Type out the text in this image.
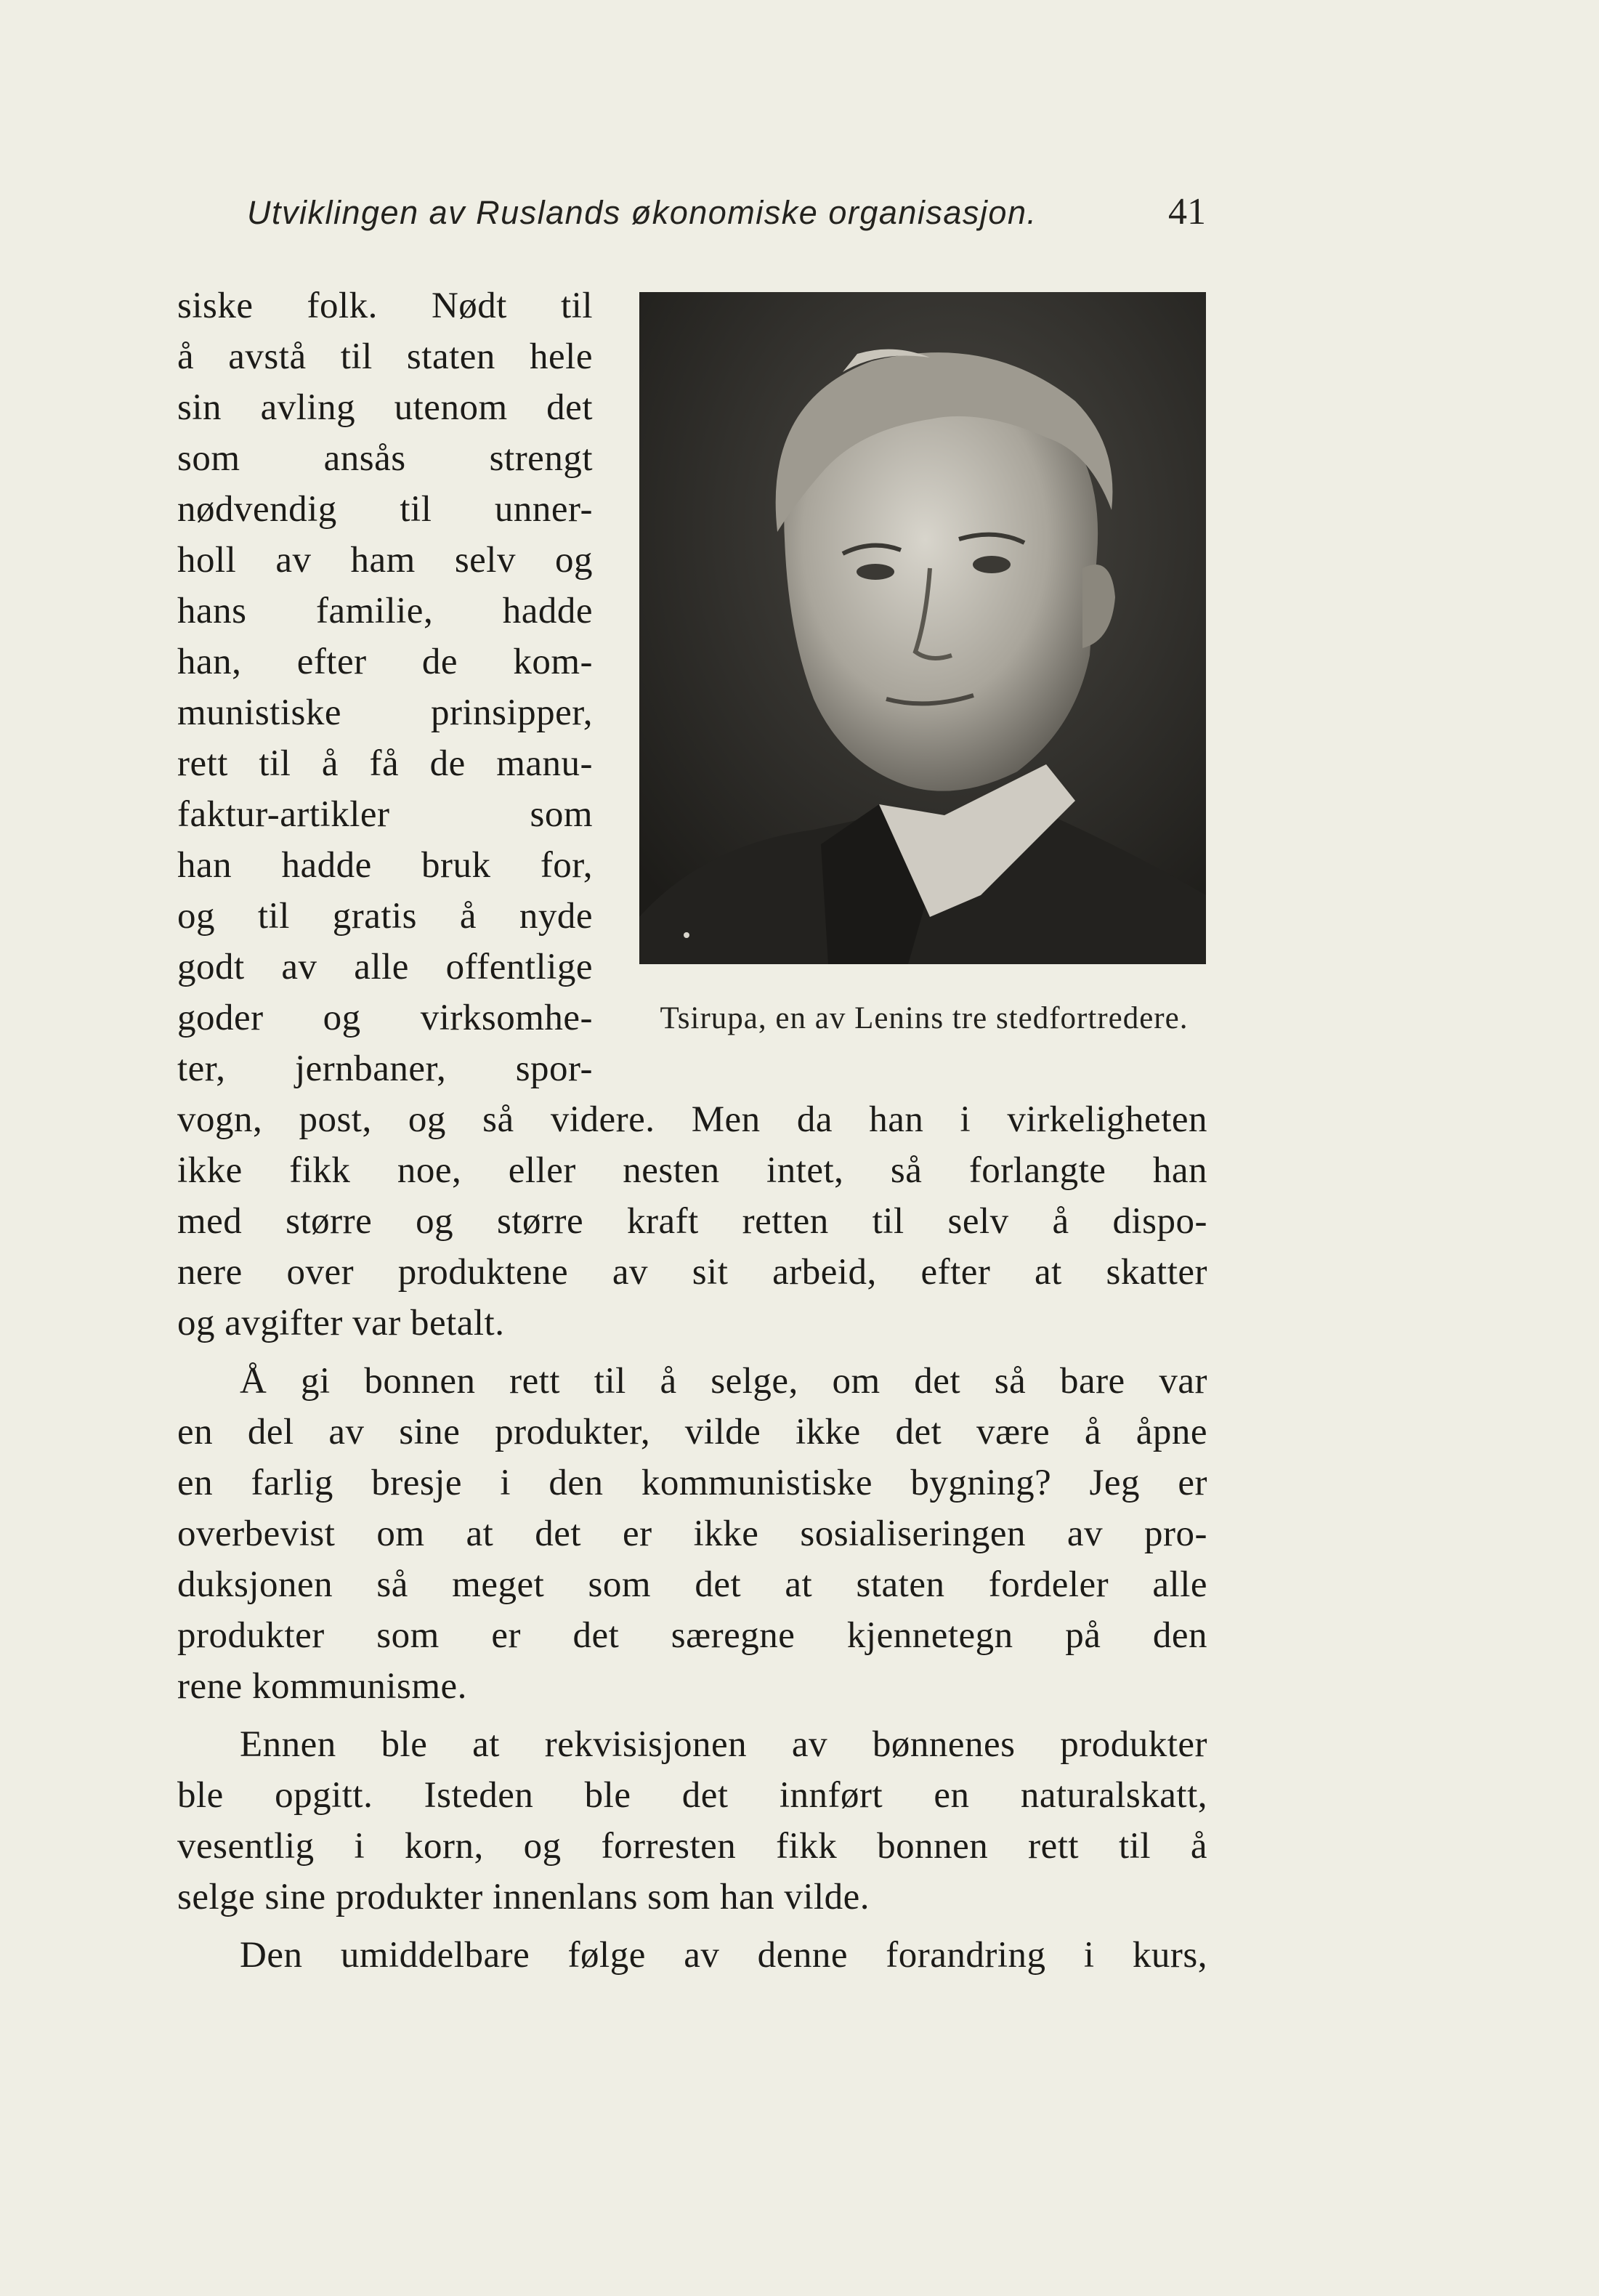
Utviklingen av Ruslands økonomiske organisasjon.	41
Tsirupa, en av Lenins tre stedfortredere.
siske folk. Nødt til
å avstå til staten hele
sin avling utenom det
som ansås strengt
nødvendig til unner-
holl av ham selv og
hans familie, hadde
han, efter de kom-
munistiske prinsipper,
rett til å få de manu-
faktur-artikler som
han hadde bruk for,
og til gratis å nyde
godt av alle offentlige
goder og virksomhe-
ter, jernbaner, spor-
vogn, post, og så videre. Men da han i virkeligheten
ikke fikk noe, eller nesten intet, så forlangte han
med større og større kraft retten til selv å dispo-
nere over produktene av sit arbeid, efter at skatter
og avgifter var betalt.
Å gi bonnen rett til å selge, om det så bare var
en del av sine produkter, vilde ikke det være å åpne
en farlig bresje i den kommunistiske bygning? Jeg er
overbevist om at det er ikke sosialiseringen av pro-
duksjonen så meget som det at staten fordeler alle
produkter som er det særegne kjennetegn på den
rene kommunisme.
Ennen ble at rekvisisjonen av bønnenes produkter
ble opgitt. Isteden ble det innført en naturalskatt,
vesentlig i korn, og forresten fikk bonnen rett til å
selge sine produkter innenlans som han vilde.
Den umiddelbare følge av denne forandring i kurs,
